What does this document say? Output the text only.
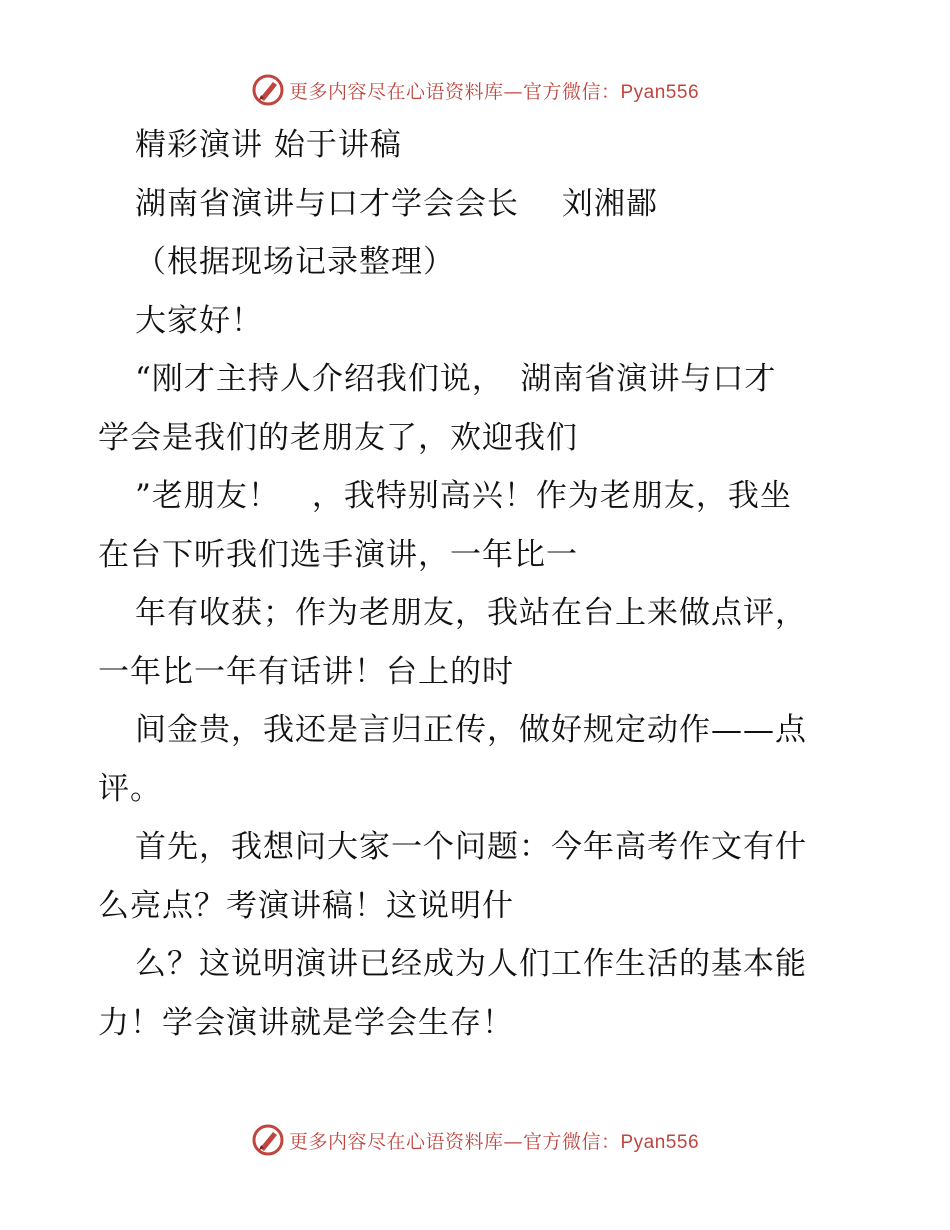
更多内容尽在心语资料库—官方微信：Pyan556
精彩演讲 始于讲稿
湖南省演讲与口才学会会长　 刘湘鄙
（根据现场记录整理）
大家好！
“刚才主持人介绍我们说，　湖南省演讲与口才
学会是我们的老朋友了，欢迎我们
”老朋友！　，我特别高兴！作为老朋友，我坐
在台下听我们选手演讲，一年比一
年有收获；作为老朋友，我站在台上来做点评，
一年比一年有话讲！台上的时
间金贵，我还是言归正传，做好规定动作——点
评。
首先，我想问大家一个问题：今年高考作文有什
么亮点？考演讲稿！这说明什
么？这说明演讲已经成为人们工作生活的基本能
力！学会演讲就是学会生存！
更多内容尽在心语资料库—官方微信：Pyan556
